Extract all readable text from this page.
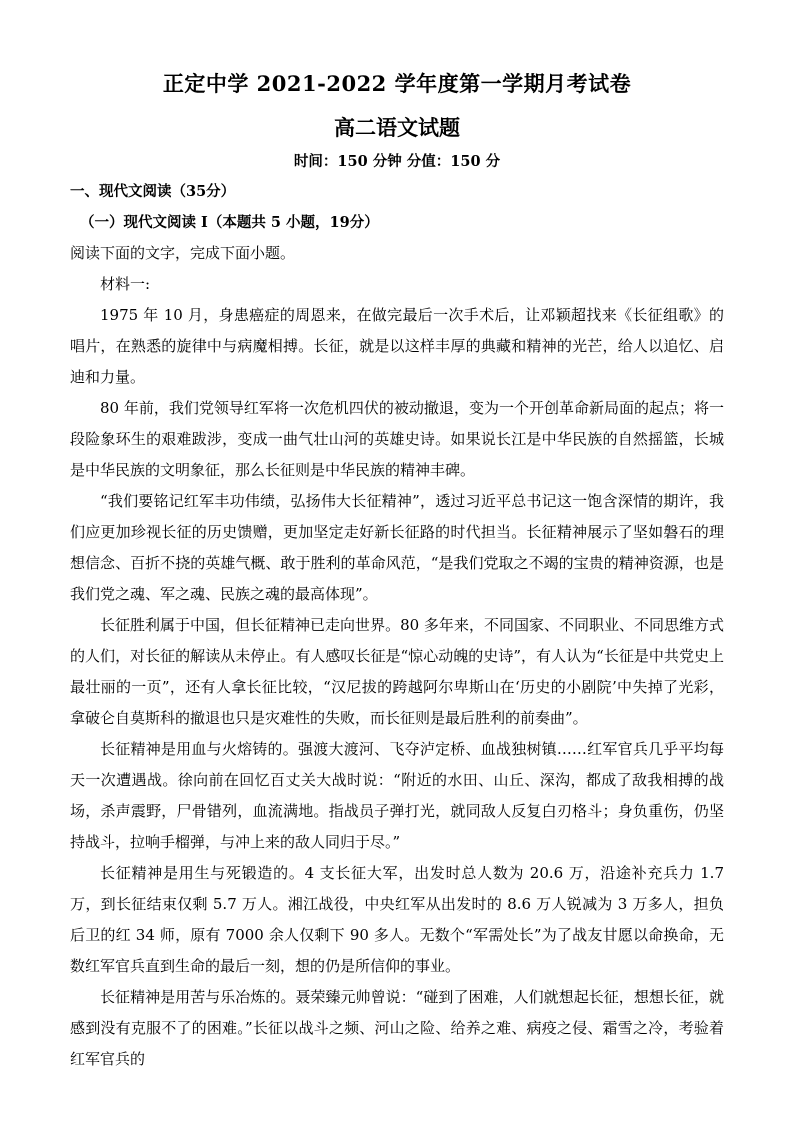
正定中学 2021-2022 学年度第一学期月考试卷
高二语文试题
时间：150 分钟 分值：150 分
一、现代文阅读（35分）
（一）现代文阅读 I（本题共 5 小题，19分）

阅读下面的文字，完成下面小题。

材料一:

1975 年 10 月，身患癌症的周恩来，在做完最后一次手术后，让邓颖超找来《长征组歌》的唱片，在熟悉的旋律中与病魔相搏。长征，就是以这样丰厚的典藏和精神的光芒，给人以追忆、启迪和力量。

80 年前，我们党领导红军将一次危机四伏的被动撤退，变为一个开创革命新局面的起点；将一段险象环生的艰难跋涉，变成一曲气壮山河的英雄史诗。如果说长江是中华民族的自然摇篮，长城是中华民族的文明象征，那么长征则是中华民族的精神丰碑。

“我们要铭记红军丰功伟绩，弘扬伟大长征精神”，透过习近平总书记这一饱含深情的期许，我们应更加珍视长征的历史馈赠，更加坚定走好新长征路的时代担当。长征精神展示了坚如磐石的理想信念、百折不挠的英雄气概、敢于胜利的革命风范，“是我们党取之不竭的宝贵的精神资源，也是我们党之魂、军之魂、民族之魂的最高体现”。

长征胜利属于中国，但长征精神已走向世界。80 多年来，不同国家、不同职业、不同思维方式的人们，对长征的解读从未停止。有人感叹长征是“惊心动魄的史诗”，有人认为“长征是中共党史上最壮丽的一页”，还有人拿长征比较，“汉尼拔的跨越阿尔卑斯山在‘历史的小剧院’中失掉了光彩，拿破仑自莫斯科的撤退也只是灾难性的失败，而长征则是最后胜利的前奏曲”。

长征精神是用血与火熔铸的。强渡大渡河、飞夺泸定桥、血战独树镇……红军官兵几乎平均每天一次遭遇战。徐向前在回忆百丈关大战时说：“附近的水田、山丘、深沟，都成了敌我相搏的战场，杀声震野，尸骨错列，血流满地。指战员子弹打光，就同敌人反复白刃格斗；身负重伤，仍坚持战斗，拉响手榴弹，与冲上来的敌人同归于尽。”

长征精神是用生与死锻造的。4 支长征大军，出发时总人数为 20.6 万，沿途补充兵力 1.7 万，到长征结束仅剩 5.7 万人。湘江战役，中央红军从出发时的 8.6 万人锐减为 3 万多人，担负后卫的红 34 师，原有 7000 余人仅剩下 90 多人。无数个“军需处长”为了战友甘愿以命换命，无数红军官兵直到生命的最后一刻，想的仍是所信仰的事业。

长征精神是用苦与乐冶炼的。聂荣臻元帅曾说：“碰到了困难，人们就想起长征，想想长征，就感到没有克服不了的困难。”长征以战斗之频、河山之险、给养之难、病疫之侵、霜雪之冷，考验着红军官兵的
